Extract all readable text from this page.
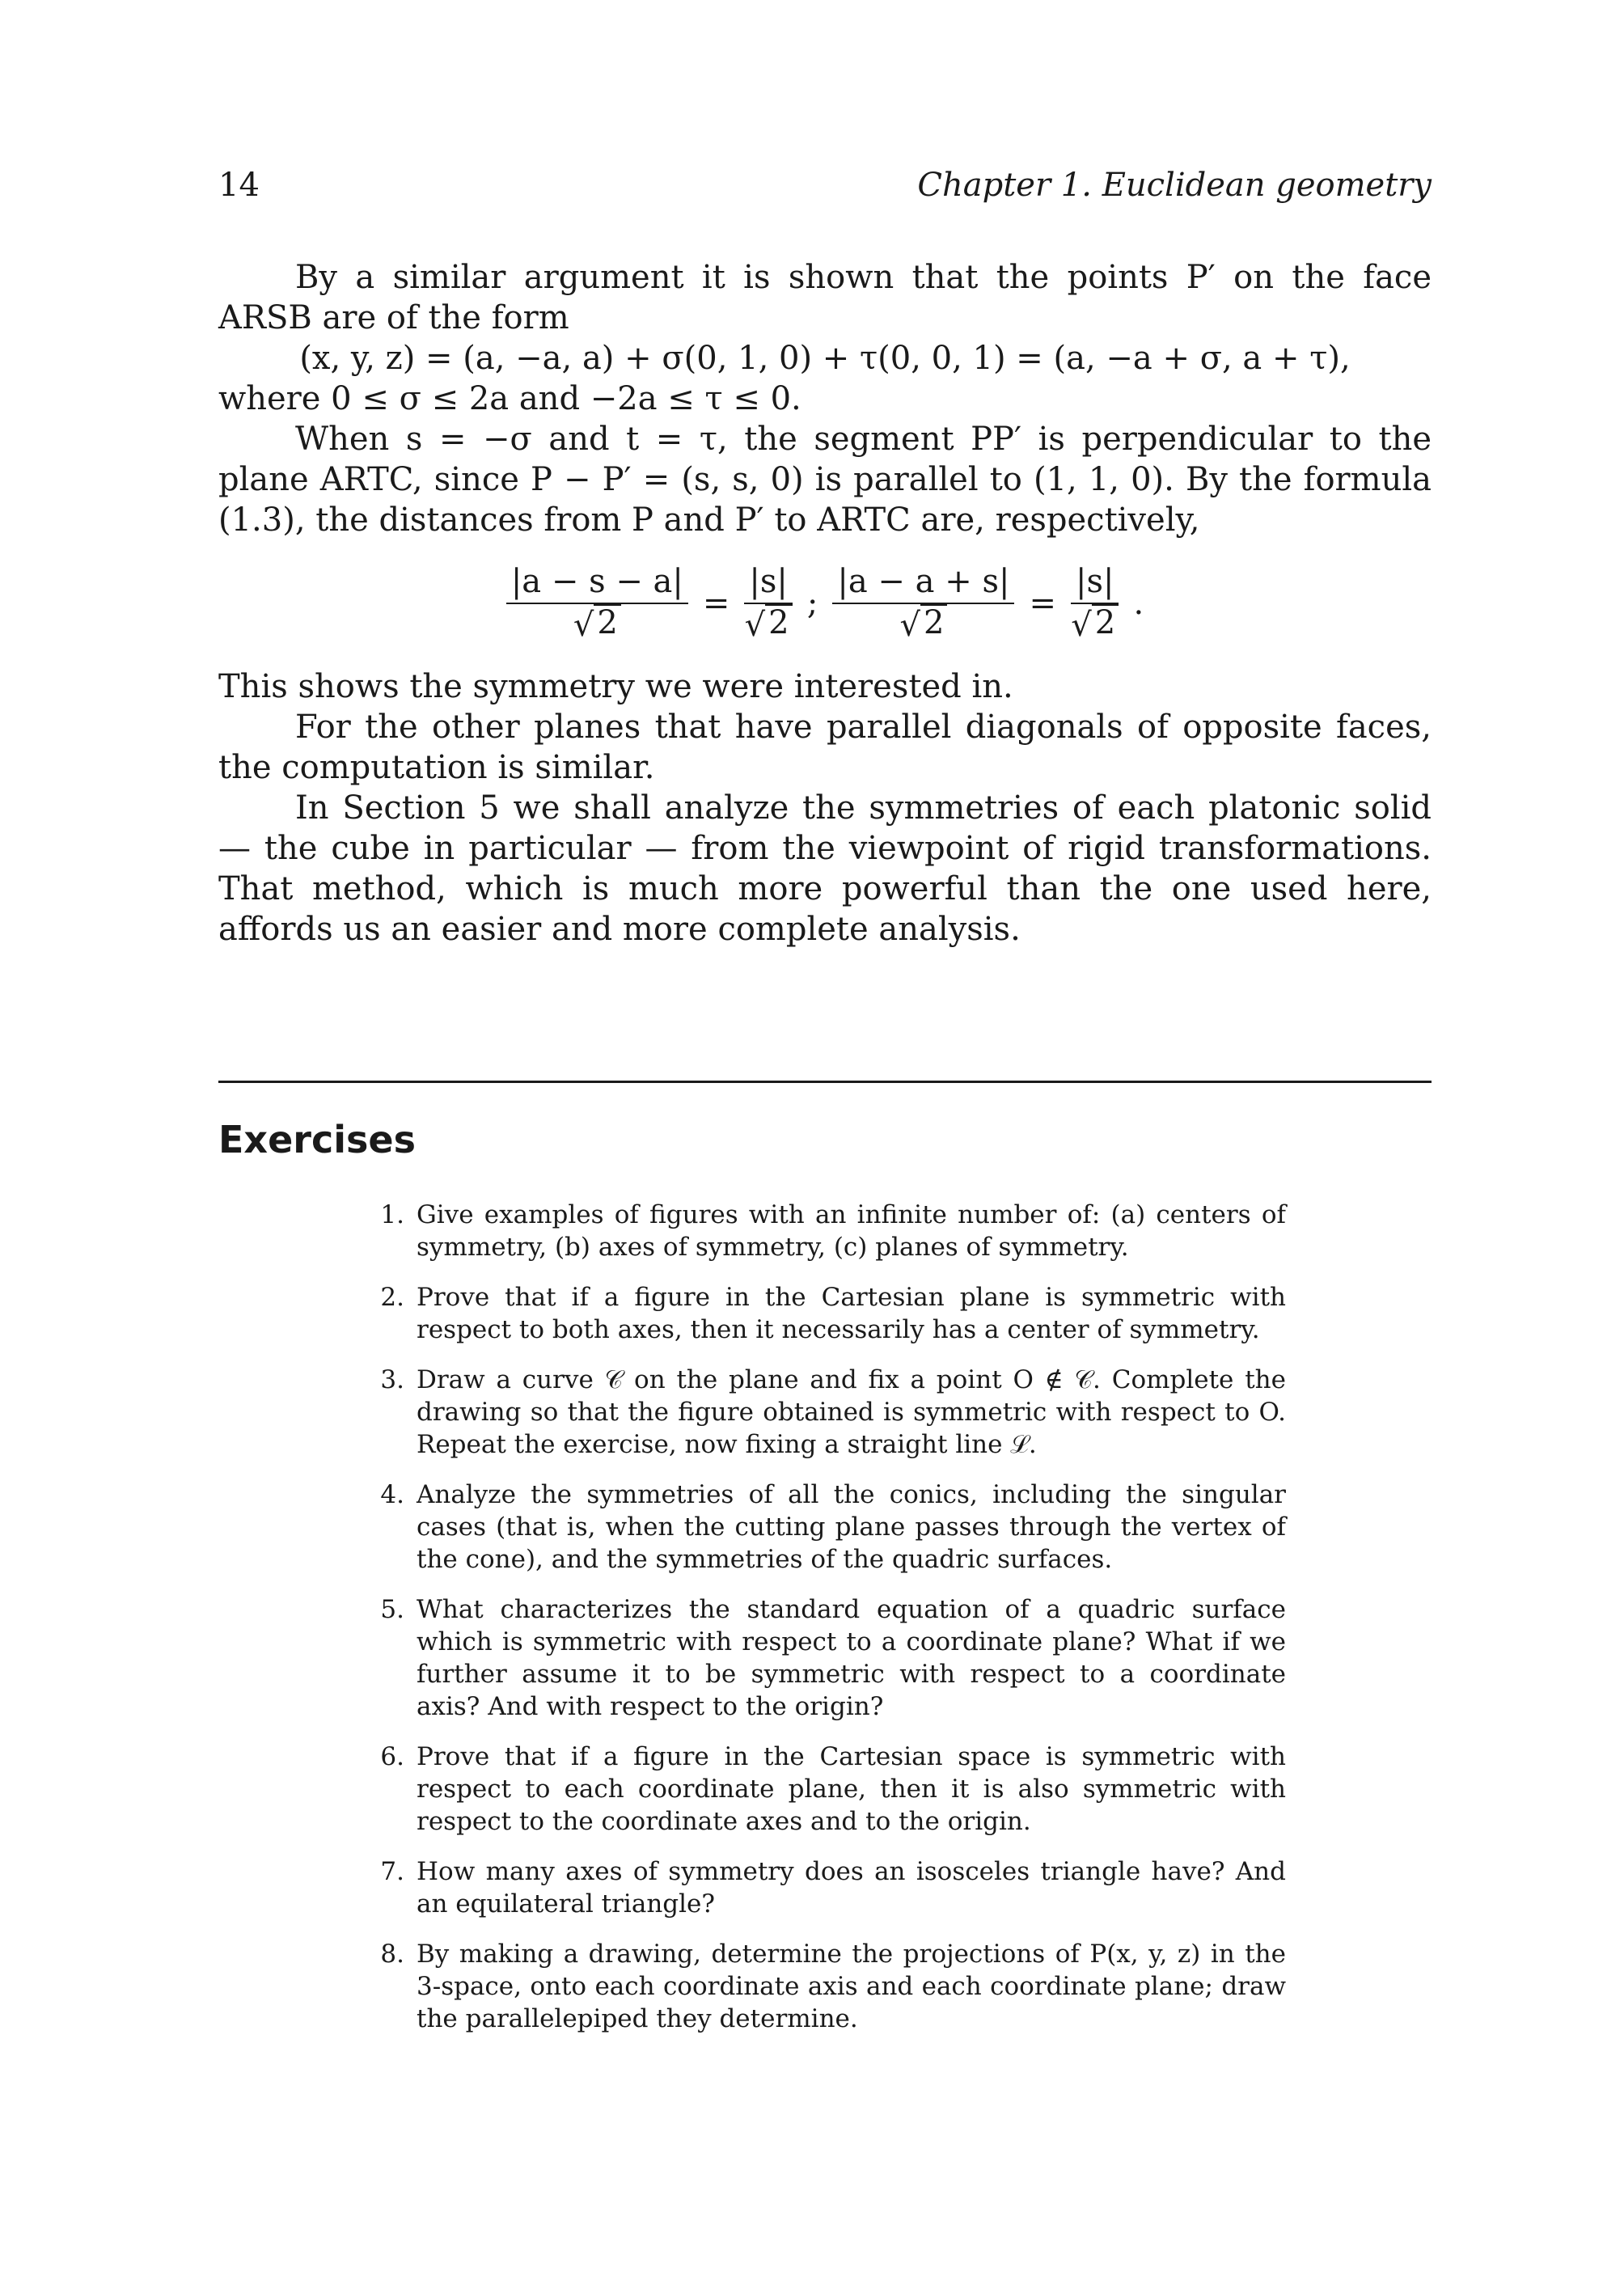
14	Chapter 1. Euclidean geometry

By a similar argument it is shown that the points P′ on the face ARSB are of the form

(x, y, z) = (a, −a, a) + σ(0, 1, 0) + τ(0, 0, 1) = (a, −a + σ, a + τ),

where 0 ≤ σ ≤ 2a and −2a ≤ τ ≤ 0.

When s = −σ and t = τ, the segment PP′ is perpendicular to the plane ARTC, since P − P′ = (s, s, 0) is parallel to (1, 1, 0). By the formula (1.3), the distances from P and P′ to ARTC are, respectively,

$\frac{|a - s - a|}{√ 2} = \frac{|s|}{√ 2}$ ; $\frac{|a - a + s|}{√ 2} = \frac{|s|}{√ 2}$ .

This shows the symmetry we were interested in.

For the other planes that have parallel diagonals of opposite faces, the computation is similar.

In Section 5 we shall analyze the symmetries of each platonic solid — the cube in particular — from the viewpoint of rigid transformations. That method, which is much more powerful than the one used here, affords us an easier and more complete analysis.

Exercises
1. Give examples of figures with an infinite number of: (a) centers of symmetry, (b) axes of symmetry, (c) planes of symmetry.
2. Prove that if a figure in the Cartesian plane is symmetric with respect to both axes, then it necessarily has a center of symmetry.
3. Draw a curve 𝒞 on the plane and fix a point O ∉ 𝒞. Complete the drawing so that the figure obtained is symmetric with respect to O. Repeat the exercise, now fixing a straight line ℒ.
4. Analyze the symmetries of all the conics, including the singular cases (that is, when the cutting plane passes through the vertex of the cone), and the symmetries of the quadric surfaces.
5. What characterizes the standard equation of a quadric surface which is symmetric with respect to a coordinate plane? What if we further assume it to be symmetric with respect to a coordinate axis? And with respect to the origin?
6. Prove that if a figure in the Cartesian space is symmetric with respect to each coordinate plane, then it is also symmetric with respect to the coordinate axes and to the origin.
7. How many axes of symmetry does an isosceles triangle have? And an equilateral triangle?
8. By making a drawing, determine the projections of P(x, y, z) in the 3-space, onto each coordinate axis and each coordinate plane; draw the parallelepiped they determine.
